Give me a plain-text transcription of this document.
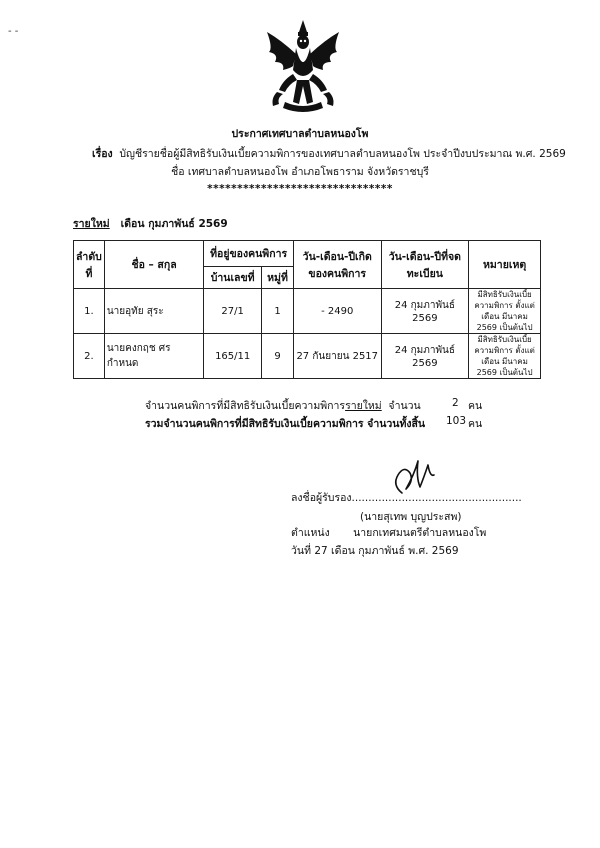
- -
ประกาศเทศบาลตำบลหนองโพ
เรื่อง บัญชีรายชื่อผู้มีสิทธิรับเงินเบี้ยความพิการของเทศบาลตำบลหนองโพ ประจำปีงบประมาณ พ.ศ. 2569
ชื่อ เทศบาลตำบลหนองโพ อำเภอโพธาราม จังหวัดราชบุรี
*******************************
รายใหม่ เดือน กุมภาพันธ์ 2569
ลำดับที่	ชื่อ – สกุล	ที่อยู่ของคนพิการ		วัน-เดือน-ปีเกิดของคนพิการ	วัน-เดือน-ปีที่จดทะเบียน	หมายเหตุ
		บ้านเลขที่	หมู่ที่			
1.	นายอุทัย สุระ	27/1	1	- 2490	24 กุมภาพันธ์ 2569	มีสิทธิรับเงินเบี้ยความพิการ ตั้งแต่เดือน มีนาคม 2569 เป็นต้นไป
2.	นายคงกฤช ศรกำหนด	165/11	9	27 กันยายน 2517	24 กุมภาพันธ์ 2569	มีสิทธิรับเงินเบี้ยความพิการ ตั้งแต่เดือน มีนาคม 2569 เป็นต้นไป
จำนวนคนพิการที่มีสิทธิรับเงินเบี้ยความพิการรายใหม่ จำนวน	2 คน
รวมจำนวนคนพิการที่มีสิทธิรับเงินเบี้ยความพิการ จำนวนทั้งสิ้น 103 คน
ลงชื่อผู้รับรอง...................................................
(นายสุเทพ บุญประสพ)
ตำแหน่ง นายกเทศมนตรีตำบลหนองโพ
วันที่ 27 เดือน กุมภาพันธ์ พ.ศ. 2569
